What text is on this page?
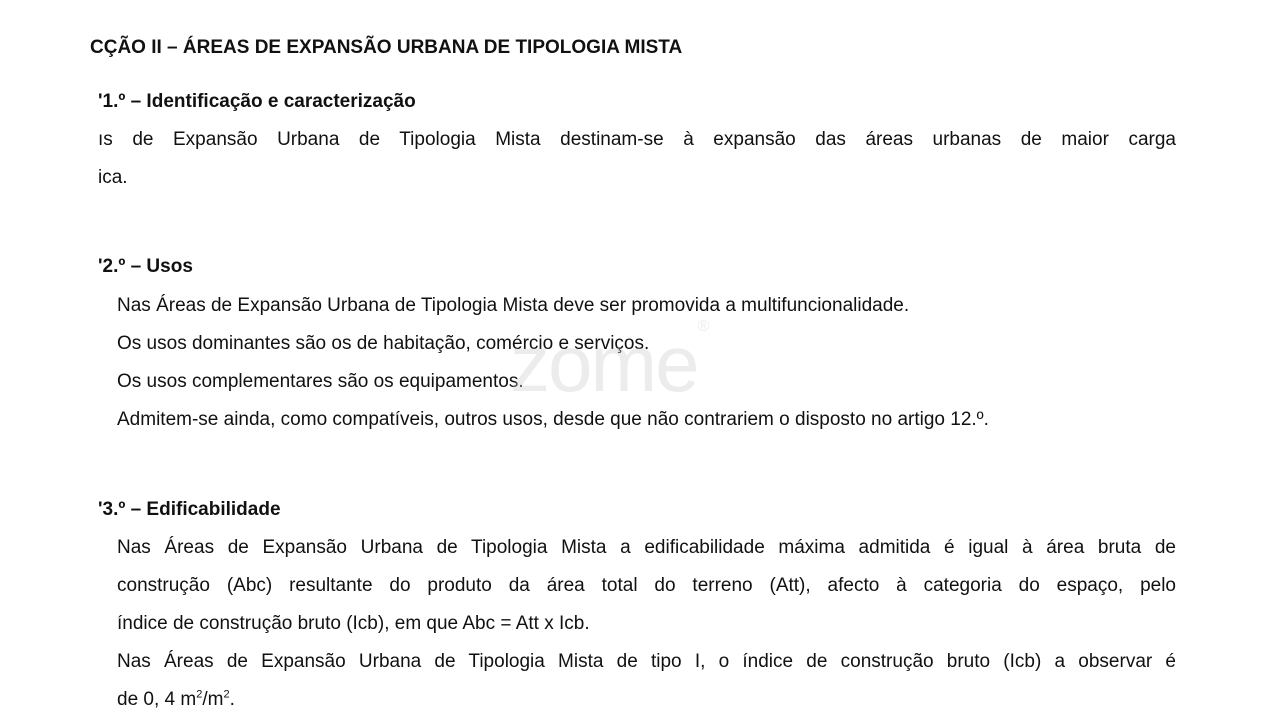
CÇÃO II – ÁREAS DE EXPANSÃO URBANA DE TIPOLOGIA MISTA
'1.º – Identificação e caracterização
ıs de Expansão Urbana de Tipologia Mista destinam-se à expansão das áreas urbanas de maior carga
ica.
'2.º – Usos
Nas Áreas de Expansão Urbana de Tipologia Mista deve ser promovida a multifuncionalidade.
Os usos dominantes são os de habitação, comércio e serviços.
Os usos complementares são os equipamentos.
Admitem-se ainda, como compatíveis, outros usos, desde que não contrariem o disposto no artigo 12.º.
'3.º – Edificabilidade
Nas Áreas de Expansão Urbana de Tipologia Mista a edificabilidade máxima admitida é igual à área bruta de
construção (Abc) resultante do produto da área total do terreno (Att), afecto à categoria do espaço, pelo
índice de construção bruto (Icb), em que Abc = Att x Icb.
Nas Áreas de Expansão Urbana de Tipologia Mista de tipo I, o índice de construção bruto (Icb) a observar é
de 0, 4 $m^2/m^2$.
zome®
